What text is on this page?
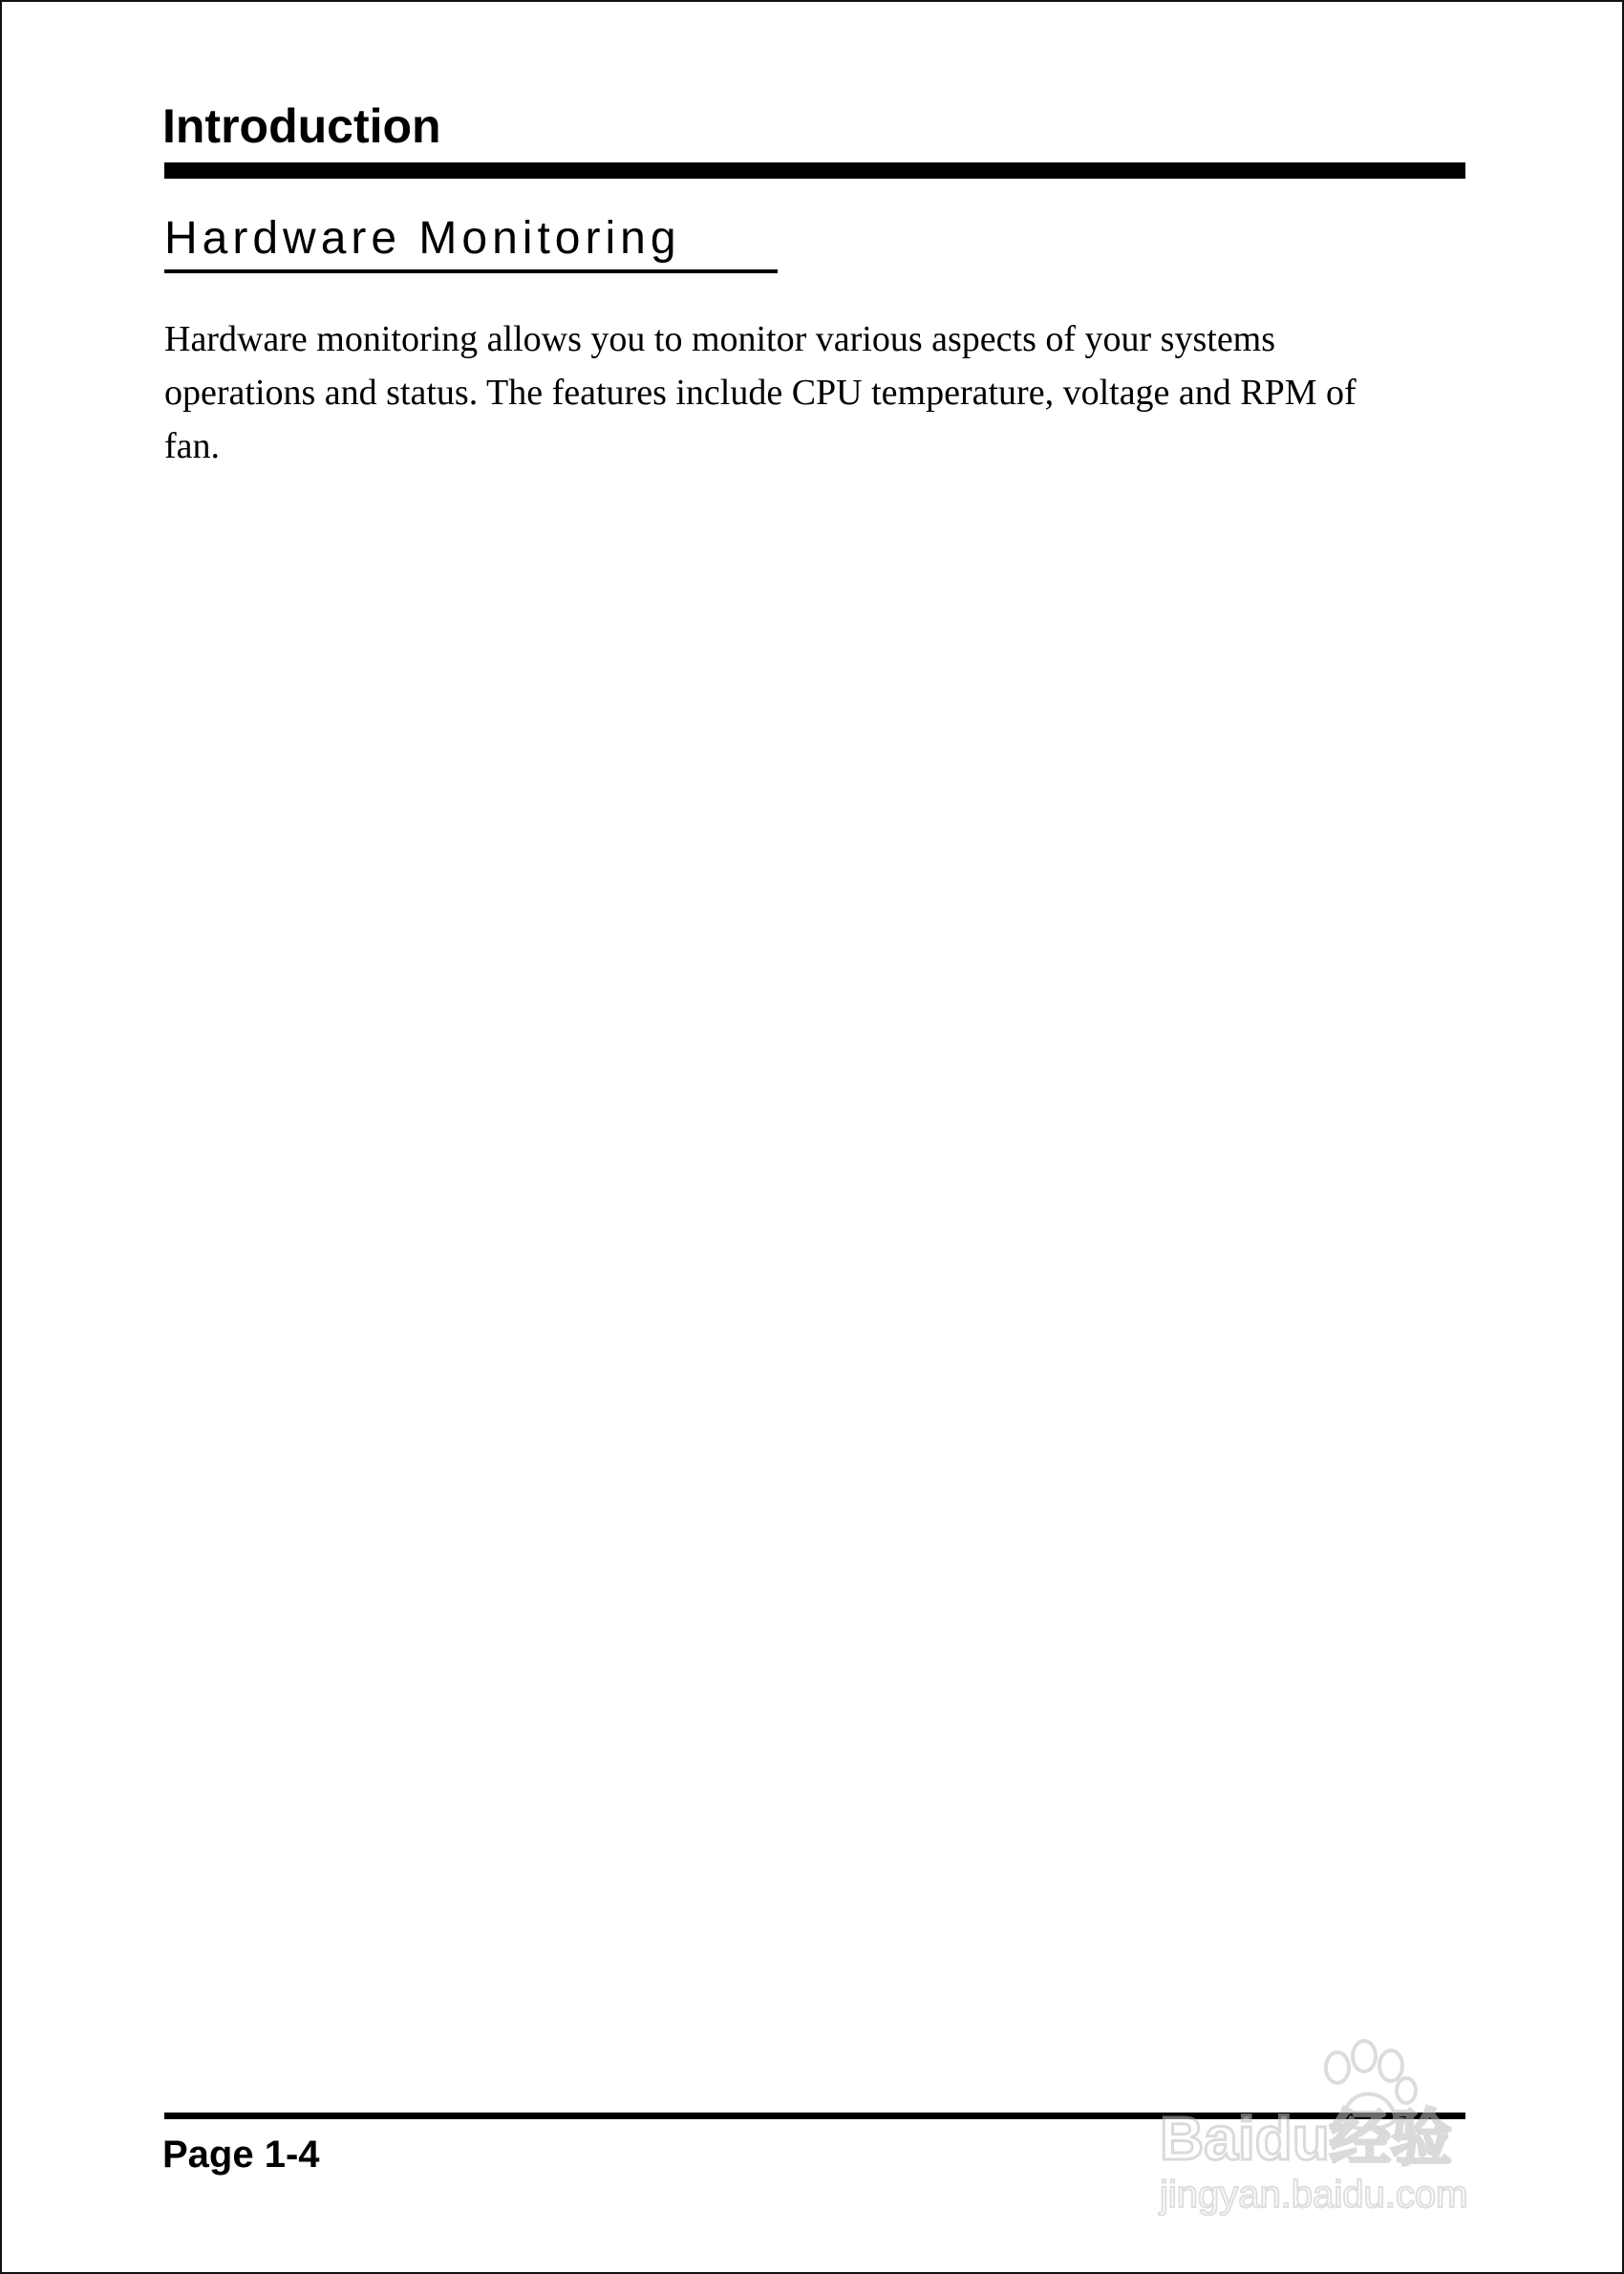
Introduction
Hardware Monitoring

Hardware monitoring allows you to monitor various aspects of your systems
operations and status. The features include CPU temperature, voltage and RPM of
fan.

Page 1-4	Baidu经验
jingyan.baidu.com
